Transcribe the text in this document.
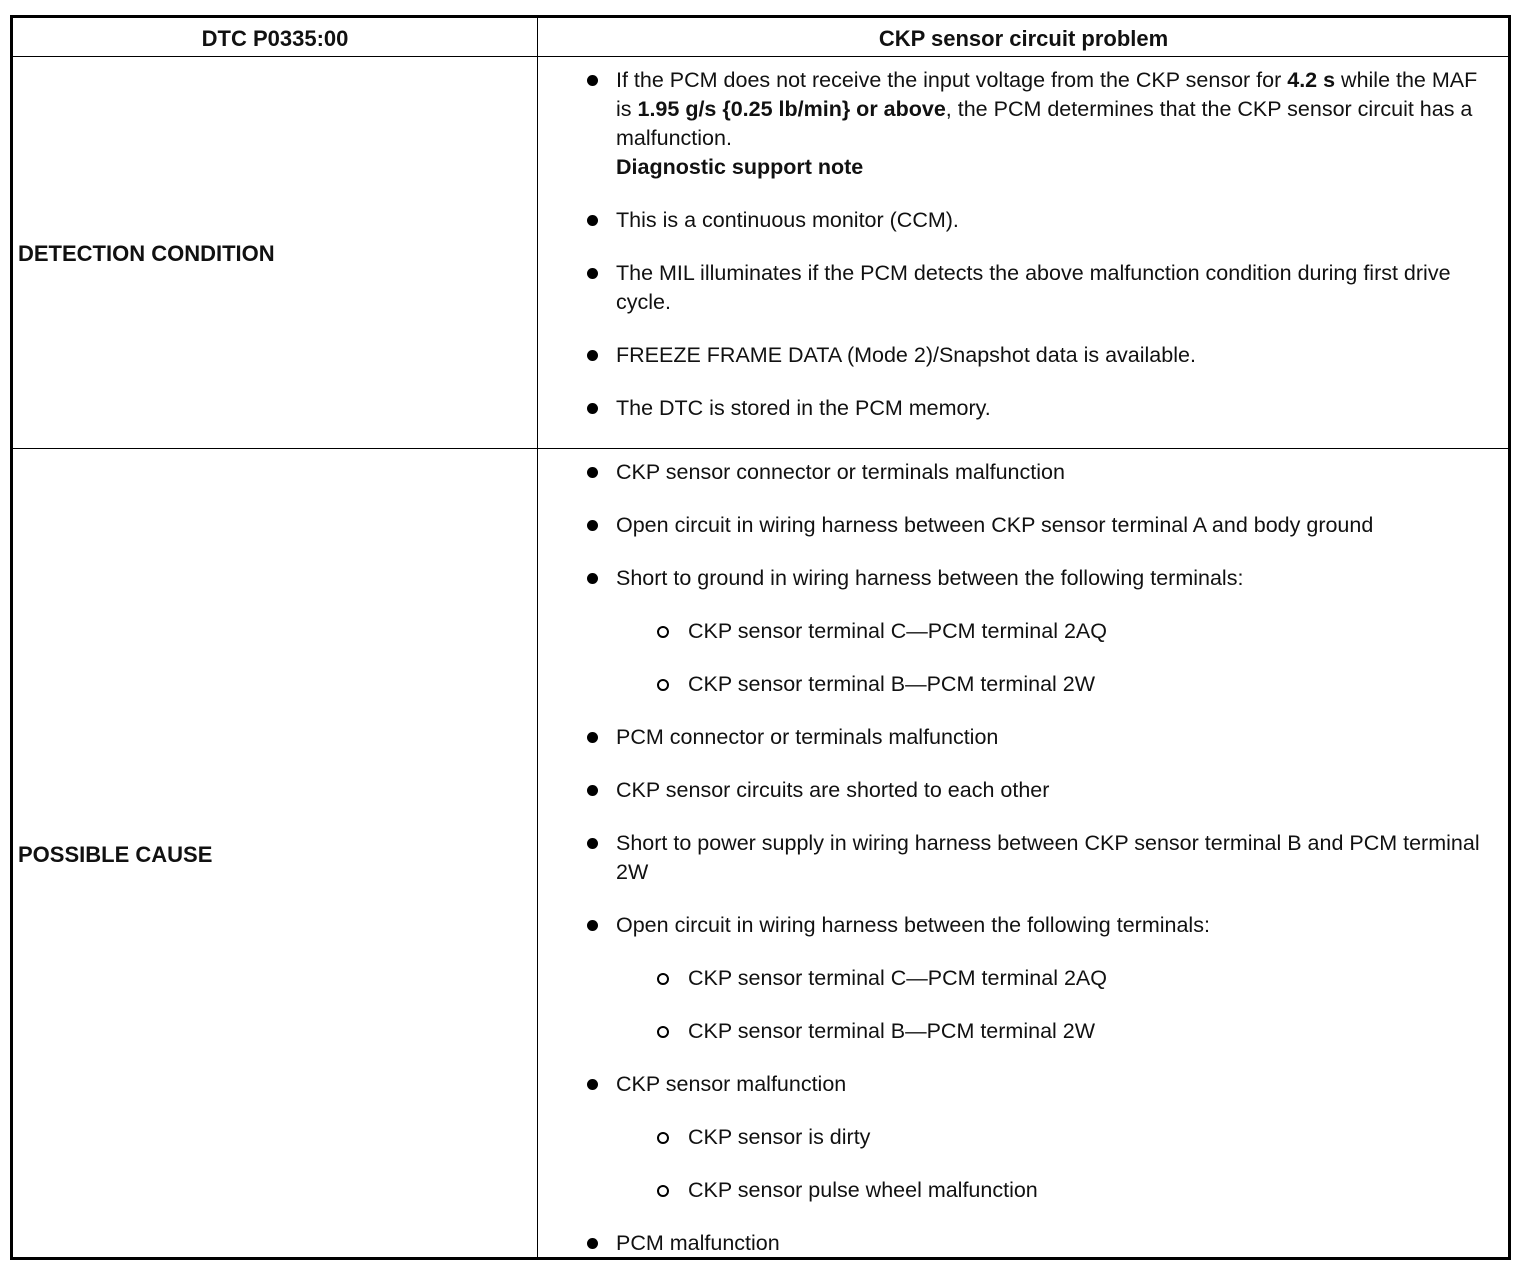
DTC P0335:00	CKP sensor circuit problem
DETECTION CONDITION
If the PCM does not receive the input voltage from the CKP sensor for 4.2 s while the MAF is 1.95 g/s {0.25 lb/min} or above, the PCM determines that the CKP sensor circuit has a malfunction.
Diagnostic support note
This is a continuous monitor (CCM).
The MIL illuminates if the PCM detects the above malfunction condition during first drive cycle.
FREEZE FRAME DATA (Mode 2)/Snapshot data is available.
The DTC is stored in the PCM memory.
POSSIBLE CAUSE
CKP sensor connector or terminals malfunction
Open circuit in wiring harness between CKP sensor terminal A and body ground
Short to ground in wiring harness between the following terminals:
CKP sensor terminal C—PCM terminal 2AQ
CKP sensor terminal B—PCM terminal 2W
PCM connector or terminals malfunction
CKP sensor circuits are shorted to each other
Short to power supply in wiring harness between CKP sensor terminal B and PCM terminal 2W
Open circuit in wiring harness between the following terminals:
CKP sensor terminal C—PCM terminal 2AQ
CKP sensor terminal B—PCM terminal 2W
CKP sensor malfunction
CKP sensor is dirty
CKP sensor pulse wheel malfunction
PCM malfunction
